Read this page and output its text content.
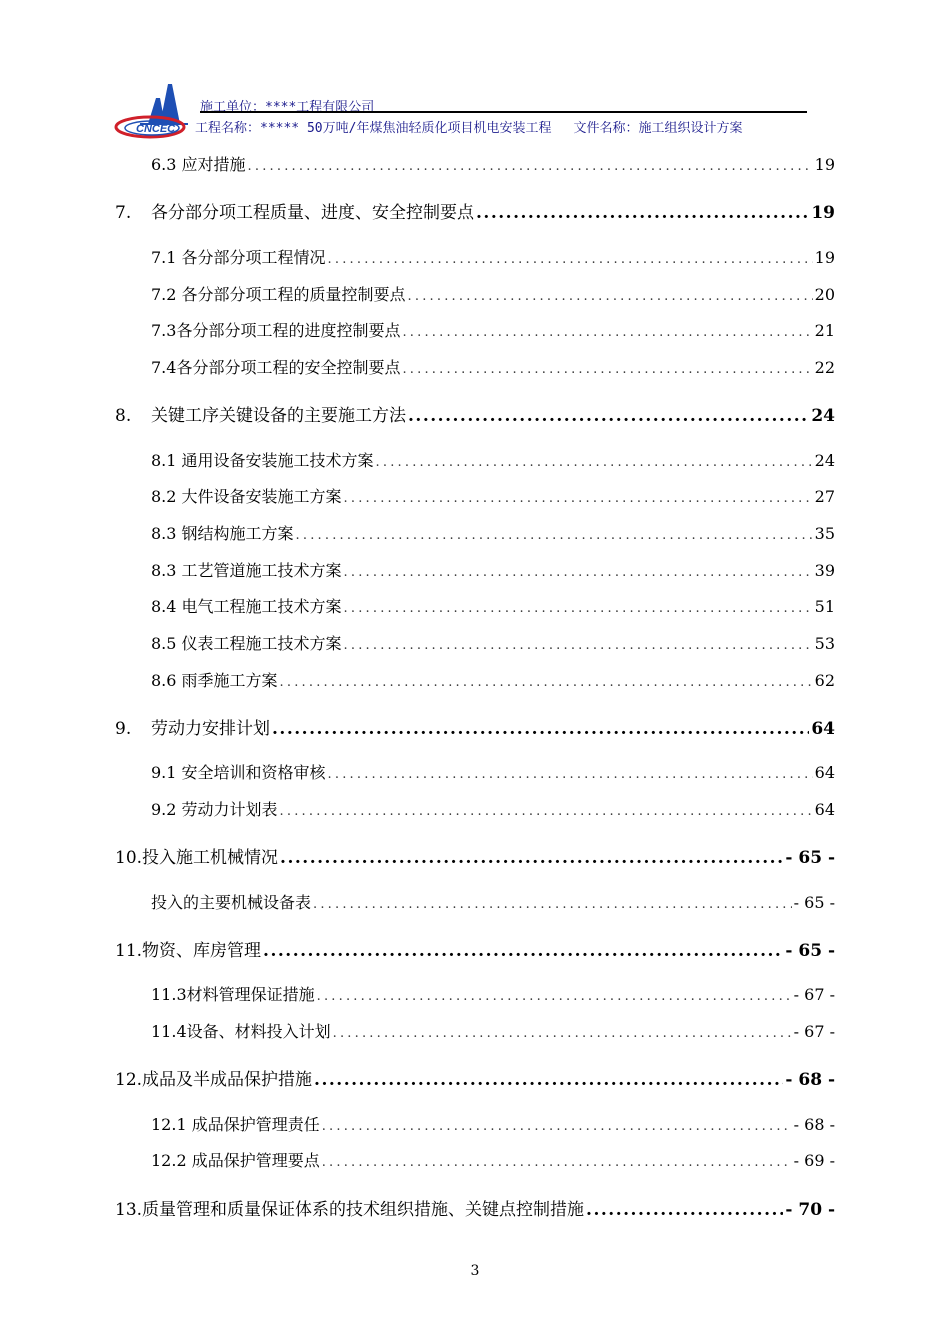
CNCEC
施工单位：****工程有限公司
工程名称：***** 50万吨/年煤焦油轻质化项目机电安装工程 文件名称：施工组织设计方案
6.3 应对措施 .....	19
7.	各分部分项工程质量、进度、安全控制要点 .....	19
7.1 各分部分项工程情况 .....	19
7.2 各分部分项工程的质量控制要点 .....	20
7.3各分部分项工程的进度控制要点 .....	21
7.4各分部分项工程的安全控制要点 .....	22
8.	关键工序关键设备的主要施工方法 .....	24
8.1 通用设备安装施工技术方案 .....	24
8.2 大件设备安装施工方案 .....	27
8.3 钢结构施工方案 .....	35
8.3 工艺管道施工技术方案 .....	39
8.4 电气工程施工技术方案 .....	51
8.5 仪表工程施工技术方案 .....	53
8.6 雨季施工方案 .....	62
9.	劳动力安排计划 .....	64
9.1 安全培训和资格审核 .....	64
9.2 劳动力计划表 .....	64
10.投入施工机械情况 .....	- 65 -
投入的主要机械设备表 .....	- 65 -
11.物资、库房管理 .....	- 65 -
11.3材料管理保证措施 .....	- 67 -
11.4设备、材料投入计划 .....	- 67 -
12.成品及半成品保护措施 .....	- 68 -
12.1 成品保护管理责任 .....	- 68 -
12.2 成品保护管理要点 .....	- 69 -
13.质量管理和质量保证体系的技术组织措施、关键点控制措施 .....	- 70 -
3
